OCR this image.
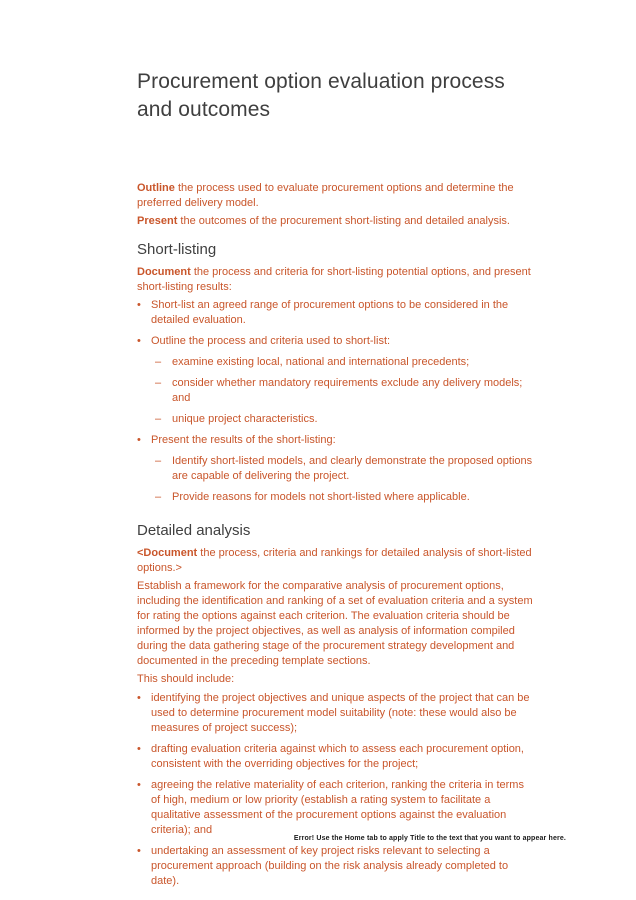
Procurement option evaluation process and outcomes

Outline the process used to evaluate procurement options and determine the preferred delivery model.

Present the outcomes of the procurement short-listing and detailed analysis.

Short-listing

Document the process and criteria for short-listing potential options, and present short-listing results:

• Short-list an agreed range of procurement options to be considered in the detailed evaluation.
• Outline the process and criteria used to short-list:
– examine existing local, national and international precedents;
– consider whether mandatory requirements exclude any delivery models; and
– unique project characteristics.
• Present the results of the short-listing:
– Identify short-listed models, and clearly demonstrate the proposed options are capable of delivering the project.
– Provide reasons for models not short-listed where applicable.
Detailed analysis

<Document the process, criteria and rankings for detailed analysis of short-listed options.>

Establish a framework for the comparative analysis of procurement options, including the identification and ranking of a set of evaluation criteria and a system for rating the options against each criterion. The evaluation criteria should be informed by the project objectives, as well as analysis of information compiled during the data gathering stage of the procurement strategy development and documented in the preceding template sections.

This should include:

• identifying the project objectives and unique aspects of the project that can be used to determine procurement model suitability (note: these would also be measures of project success);
• drafting evaluation criteria against which to assess each procurement option, consistent with the overriding objectives for the project;
• agreeing the relative materiality of each criterion, ranking the criteria in terms of high, medium or low priority (establish a rating system to facilitate a qualitative assessment of the procurement options against the evaluation criteria); and
• undertaking an assessment of key project risks relevant to selecting a procurement approach (building on the risk analysis already completed to date).
Error! Use the Home tab to apply Title to the text that you want to appear here.
